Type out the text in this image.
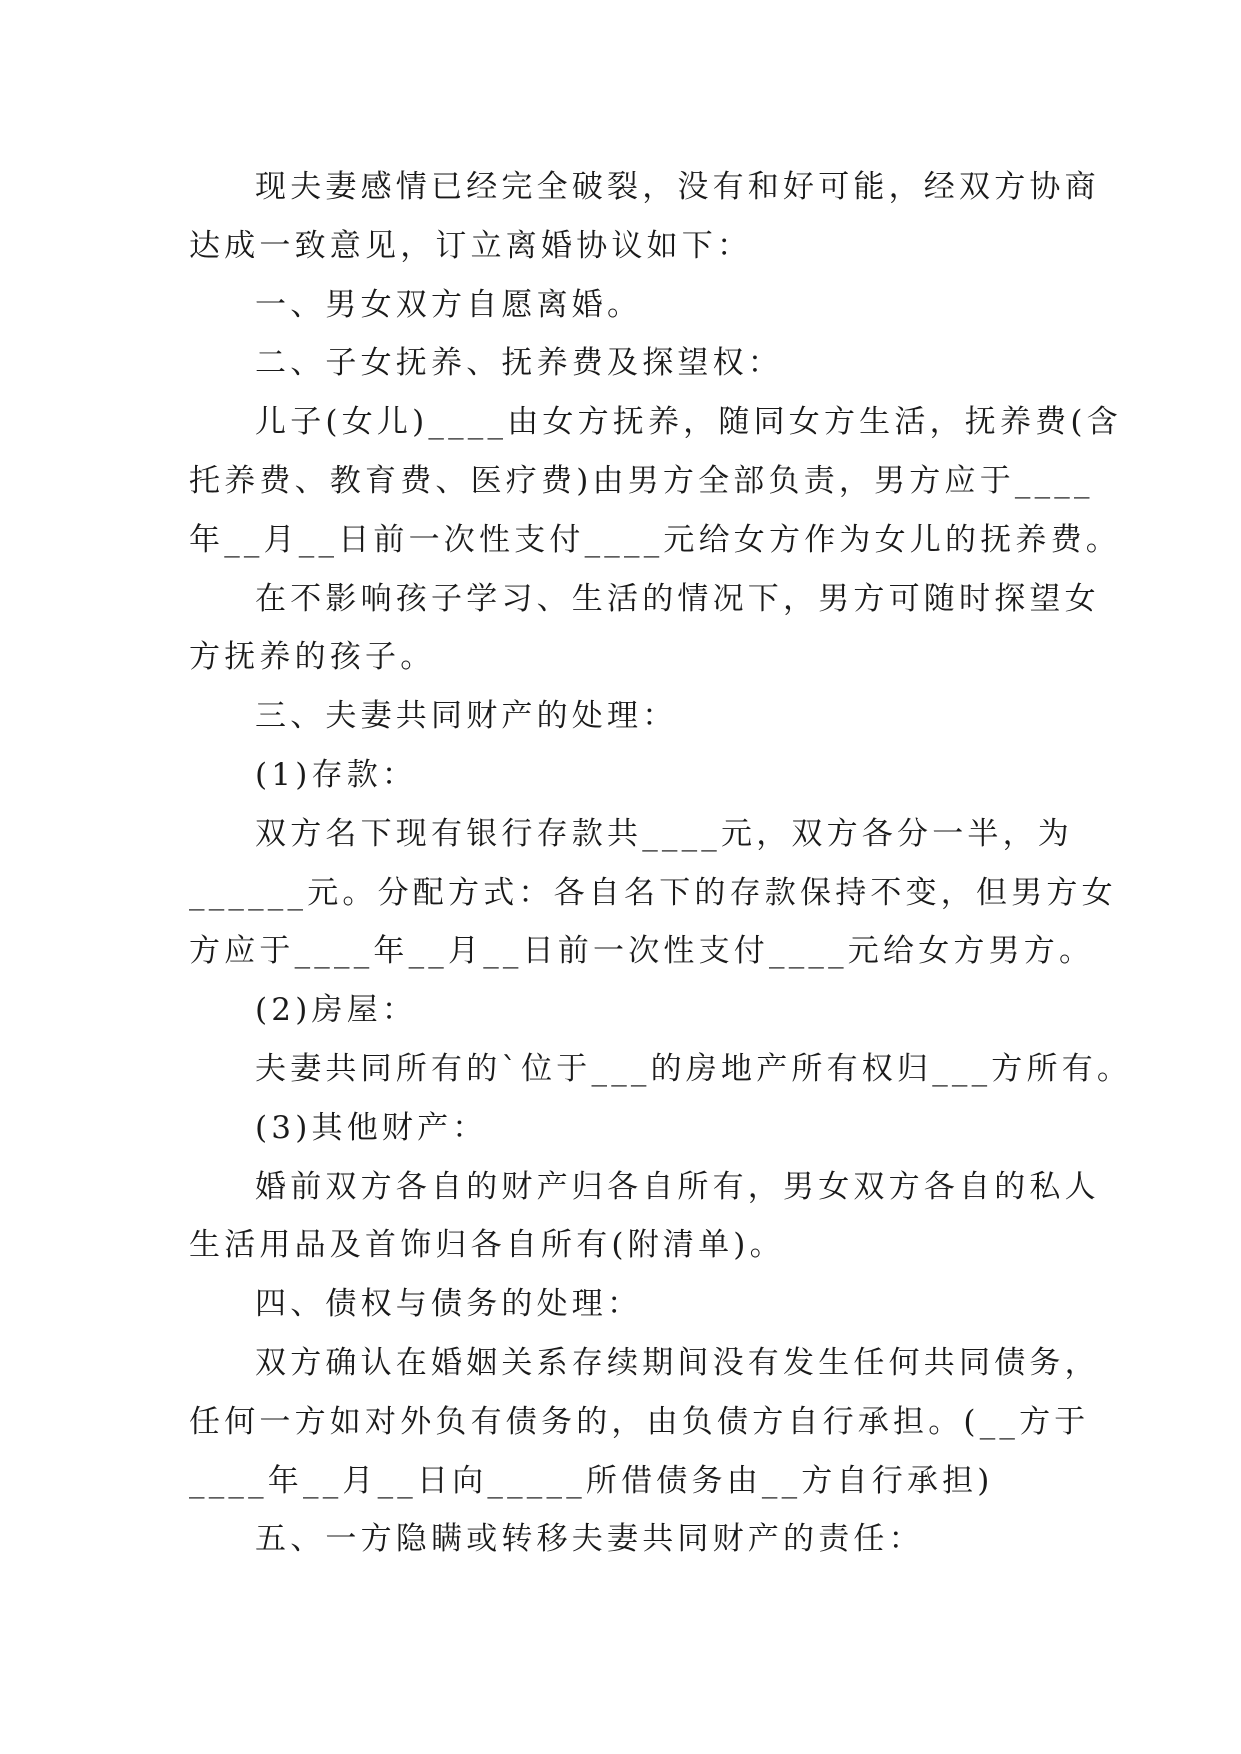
现夫妻感情已经完全破裂，没有和好可能，经双方协商
达成一致意见，订立离婚协议如下：
一、男女双方自愿离婚。
二、子女抚养、抚养费及探望权：
儿子(女儿)____由女方抚养，随同女方生活，抚养费(含
托养费、教育费、医疗费)由男方全部负责，男方应于____
年__月__日前一次性支付____元给女方作为女儿的抚养费。
在不影响孩子学习、生活的情况下，男方可随时探望女
方抚养的孩子。
三、夫妻共同财产的处理：
(1)存款：
双方名下现有银行存款共____元，双方各分一半，为
______元。分配方式：各自名下的存款保持不变，但男方女
方应于____年__月__日前一次性支付____元给女方男方。
(2)房屋：
夫妻共同所有的`位于___的房地产所有权归___方所有。
(3)其他财产：
婚前双方各自的财产归各自所有，男女双方各自的私人
生活用品及首饰归各自所有(附清单)。
四、债权与债务的处理：
双方确认在婚姻关系存续期间没有发生任何共同债务，
任何一方如对外负有债务的，由负债方自行承担。(__方于
____年__月__日向_____所借债务由__方自行承担)
五、一方隐瞒或转移夫妻共同财产的责任：
